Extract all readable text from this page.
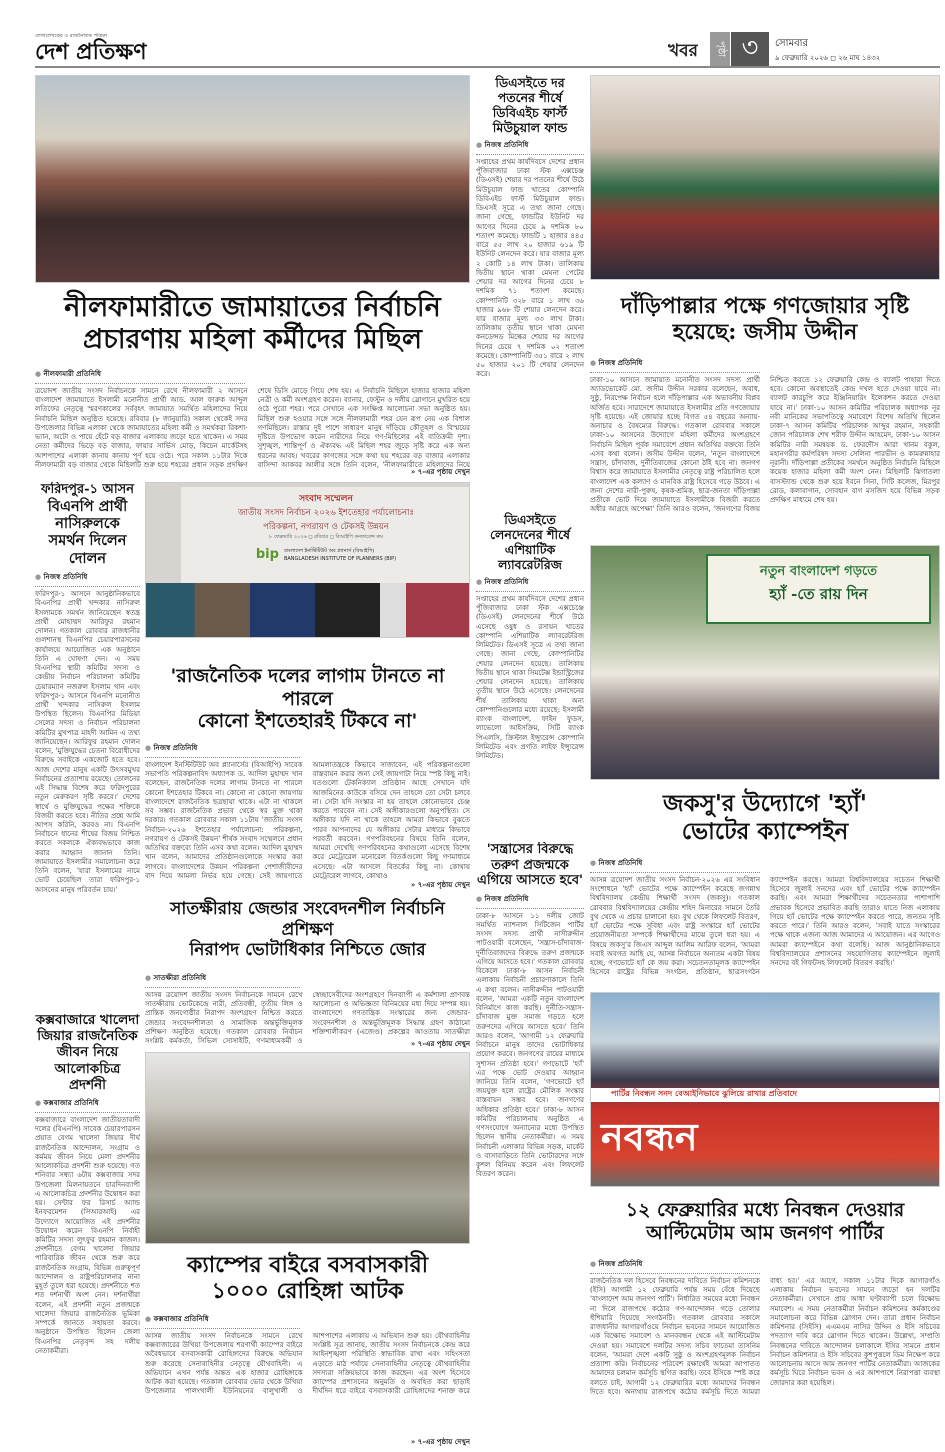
লেখালেখকের ও রাজনৈতিক পত্রিকা
দেশ প্রতিক্ষণ	খবর	পৃষ্ঠা ৩	সোমবার
৯ ফেব্রুয়ারি ২০২৬ ◻ ২৬ মাঘ ১৪৩২
নীলফামারীতে জামায়াতের নির্বাচনি
প্রচারণায় মহিলা কর্মীদের মিছিল
● নীলফামারী প্রতিনিধি
ত্রয়োদশ জাতীয় সংসদ নির্বাচনকে সামনে রেখে নীলফামারী ২ আসনে বাংলাদেশ জামায়াতে ইসলামী মনোনীত প্রার্থী আড. আল ফারুক আব্দুল লতিফের নেতৃত্বে স্মরণকালের সর্ববৃহৎ জামায়াত সমর্থিত মহিলাদের নিয়ে নির্বাচনি মিছিল অনুষ্ঠিত হয়েছে। রবিবার (৮ জানুয়ারি) সকাল থেকেই সদর উপজেলার বিভিন্ন এলাকা থেকে জামায়াতের মহিলা কর্মী ও সমর্থকরা রিকশা-ভ্যান, অটো ও পায়ে হেঁটে বড় বাজার এলাকায় জড়ো হতে থাকেন। এ সময় নেতা কর্মীদের ভিড়ে বড় বাজার, ফায়ার সার্ভিস মোড়, কিচেন মার্কেটসহ আশপাশের এলাকা কানায় কানায় পূর্ণ হয়ে ওঠে। পরে সকাল ১১টার দিকে নীলফামারী বড় বাজার থেকে মিছিলটি শুরু হয়ে শহরের প্রধান সড়ক প্রদক্ষিণ শেষে ডিসি মোড়ে গিয়ে শেষ হয়। এ নির্বাচনি মিছিলে হাজার হাজার মহিলা নেত্রী ও কর্মী অংশগ্রহণ করেন। ব্যানার, ফেস্টুন ও দলীয় স্লোগানে মুখরিত হয়ে ওঠে পুরো শহর। পরে সেখানে এক সংক্ষিপ্ত আলোচনা সভা অনুষ্ঠিত হয়। মিছিল শুরু হওয়ার সঙ্গে সঙ্গে নীলফামারী শহর যেন রূপ নেয় এক বিশাল গণমিছিলে। রাস্তার দুই পাশে সাধারণ মানুষ দাঁড়িয়ে কৌতূহল ও বিস্ময়ের দৃষ্টিতে উপভোগ করেন নারীদের নিয়ে গণ-মিছিলের এই ব্যতিক্রমী দৃশ্য। সুশৃঙ্খল, শান্তিপূর্ণ ও ঐক্যবদ্ধ এই মিছিল শহর জুড়ে সৃষ্টি করে এক অন্য ধরনের আবহ। খবরের কাগজের সঙ্গে কথা হয় শহরের বড় বাজার এলাকার বাসিন্দা আকবর আলীর সঙ্গে তিনি বলেন, 'নীলফামারীতে মহিলাদের নিয়ে
» ৭-এর পৃষ্ঠায় দেখুন
ডিএসইতে দর পতনের শীর্ষে ডিবিএইচ ফার্স্ট মিউচুয়াল ফান্ড
● নিজস্ব প্রতিনিধি
সপ্তাহের প্রথম কার্যদিবসে দেশের প্রধান পুঁজিবাজার ঢাকা স্টক এক্সচেঞ্জ (ডিএসই) শেয়ার দর পতনের শীর্ষে উঠে মিউচুয়াল ফান্ড খাতের কোম্পানি ডিবিএইচ ফার্স্ট মিউচুয়াল ফান্ড। ডিএসই সূত্রে এ তথ্য জানা গেছে। জানা গেছে, ফান্ডটির ইউনিট দর আগের দিনের চেয়ে ৯ দশমিক ৮০ শতাংশ কমেছে। ফান্ডটি ১ হাজার ৪৪৫ বারে ৫৫ লাখ ২০ হাজার ৬১৯ টি ইউনিট লেনদেন করে। যার বাজার মূল্য ২ কোটি ১৪ লাখ টাকা। তালিকায় দ্বিতীয় স্থানে থাকা মেঘনা পেটের শেয়ার দর আগের দিনের চেয়ে ৮ দশমিক ৭১ শতাংশ কমেছে। কোম্পানিটি ৩২৮ বারে ১ লাখ ৩৬ হাজার ৯৬৮ টি শেয়ার লেনদেন করে। যার বাজার মূল্য ৩৩ লাখ টাকা। তালিকায় তৃতীয় স্থানে থাকা মেঘনা কনডেন্সড মিল্কের শেয়ার দর আগের দিনের চেয়ে ৭ দশমিক ০২ শতাংশ কমেছে। কোম্পানিটি ৩৫১ বারে ২ লাখ ৫০ হাজার ২০১ টি শেয়ার লেনদেন করে।
ডিএসইতে লেনদেনের শীর্ষে এশিয়াটিক ল্যাবরেটরিজ
● নিজস্ব প্রতিনিধি
সপ্তাহের প্রথম কার্যদিবসে দেশের প্রধান পুঁজিবাজার ঢাকা স্টক এক্সচেঞ্জে (ডিএসই) লেনদেনের শীর্ষে উঠে এসেছে ওষুধ ও রসায়ন খাতের কোম্পানি এশিয়াটিক ল্যাবরেটরিজ লিমিটেড। ডিএসই সূত্রে এ তথ্য জানা গেছে। জানা গেছে, কোম্পানিটির শেয়ার লেনদেন হয়েছে। তালিকায় দ্বিতীয় স্থানে থাকা সিমটেক্স ইন্ডাস্ট্রিজের শেয়ার লেনদেন হয়েছে। তালিকায় তৃতীয় স্থানে উঠে এসেছে। লেনদেনের শীর্ষ তালিকায় থাকা অন্য কোম্পানিগুলোর মধ্যে রয়েছে: ইসলামী ব্যাংক বাংলাদেশ, ফাইন ফুডস, লাভেলো আইসক্রিম, সিটি ব্যাংক পিএলসি, ক্রিস্টাল ইন্স্যুরেন্স কোম্পানি লিমিটেড এবং প্রগতি লাইফ ইন্স্যুরেন্স লিমিটেড।
'সন্ত্রাসের বিরুদ্ধে তরুণ প্রজন্মকে এগিয়ে আসতে হবে'
● নিজস্ব প্রতিনিধি
ঢাকা-৮ আসনে ১১ দলীয় জোট সমর্থিত ন্যাশনাল সিটিজেন পার্টির সংসদ সদস্য প্রার্থী নাসীরুদ্দীন পাটওয়ারী বলেছেন, 'সন্ত্রাস-চাঁদাবাজ-দুর্নীতিবাজদের বিরুদ্ধে তরুণ প্রজন্মকে এগিয়ে আসতে হবে।' গতকাল রোববার বিকেলে ঢাকা-৮ আসন নির্বাচনী এলাকায় নির্বাচনী প্রচারণাকালে তিনি এ কথা বলেন। নাসীরুদ্দীন পাটওয়ারী বলেন, 'আমরা একটি নতুন বাংলাদেশ বিনির্মাণে কাজ করছি। দুর্নীতি-সন্ত্রাস-চাঁদাবাজ মুক্ত সমাজ গড়তে হলে তরুণদের এগিয়ে আসতে হবে।' তিনি আরও বলেন, 'আগামী ১২ ফেব্রুয়ারি নির্বাচনে মানুষ তাদের ভোটাধিকার প্রয়োগ করবে। জনগণের রায়ের মাধ্যমে সুশাসন প্রতিষ্ঠা হবে।' গণভোটে 'হ্যাঁ' এর পক্ষে ভোট দেওয়ার আহ্বান জানিয়ে তিনি বলেন, 'গণভোটে হ্যাঁ জয়যুক্ত হলে রাষ্ট্রের মৌলিক সংস্কার বাস্তবায়ন সম্ভব হবে। জনগণের অধিকার প্রতিষ্ঠা হবে।' ঢাকা-৮ আসন কমিটির পরিচালনায় অনুষ্ঠিত এ গণসংযোগে অন্যান্যের মধ্যে উপস্থিত ছিলেন স্থানীয় নেতাকর্মীরা। এ সময় নির্বাচনী এলাকার বিভিন্ন সড়ক, মার্কেট ও বাসাবাড়িতে তিনি ভোটারদের সঙ্গে কুশল বিনিময় করেন এবং লিফলেট বিতরণ করেন।
দাঁড়িপাল্লার পক্ষে গণজোয়ার সৃষ্টি
হয়েছে: জসীম উদ্দীন
● নিজস্ব প্রতিনিধি
ঢাকা-১০ আসনে জামায়াত মনোনীত সংসদ সদস্য প্রার্থী অ্যাডভোকেট মো. জসীম উদ্দীন সরকার বলেছেন, অবাধ, সুষ্ঠু, নিরপেক্ষ নির্বাচন হলে দাঁড়িপাল্লার এক অভাবনীয় বিপ্লব অর্জিত হবে। সারাদেশে জামায়াতে ইসলামীর প্রতি গণজোয়ার সৃষ্টি হয়েছে। এই জোয়ার হচ্ছে বিগত ৫৪ বছরের অন্যায়-অনাচার ও বৈষম্যের বিরুদ্ধে। গতকাল রোববার সকালে ঢাকা-১০ আসনের উদ্যোগে মহিলা কর্মীদের অংশগ্রহণে নির্বাচনি মিছিল পূর্বক সমাবেশে প্রধান অতিথির বক্তব্যে তিনি এসব কথা বলেন। জসীম উদ্দীন বলেন, 'নতুন বাংলাদেশে সন্ত্রাস, চাঁদাবাজ, দুর্নীতিবাজের কোনো ঠাঁই হবে না। জনগণ বিশ্বাস করে জামায়াতে ইসলামীর নেতৃত্বে রাষ্ট্র পরিচালিত হলে বাংলাদেশ এক কল্যাণ ও মানবিক রাষ্ট্র হিসেবে গড়ে উঠবে। এ জন্য দেশের নারী-পুরুষ, কৃষক-শ্রমিক, ছাত্র-জনতা দাঁড়িপাল্লা প্রতীকে ভোট দিয়ে জামায়াতে ইসলামীকে বিজয়ী করতে অধীর আগ্রহে অপেক্ষা' তিনি আরও বলেন, 'জনগণের বিজয় নিশ্চিত করতে ১২ ফেব্রুয়ারি কেন্দ্র ও ব্যালট পাহারা দিতে হবে। কোনো অবস্থাতেই কেন্দ্র দখল হতে দেওয়া যাবে না। ব্যালট কারচুপি করে ইঞ্জিনিয়ারিং ইলেকশন করতে দেওয়া যাবে না।' ঢাকা-১০ আসন কমিটির পরিচালক অধ্যাপক নূর নবী মানিকের সভাপতিত্বে সমাবেশে বিশেষ অতিথি ছিলেন ঢাকা-৭ আসন কমিটির পরিচালক আব্দুর রহমান, সহকারী জোন পরিচালক শেখ শরীফ উদ্দীন আহমেদ, ঢাকা-১০ আসন কমিটির নারী সমন্বয়ক ড. ফেরদৌস আরা খানম বকুল, মহানগরীর কর্মপরিষদ সদস্য সেলিনা পারভীন ও কামরুন্নাহার নূরানী। দাঁড়িপাল্লা প্রতীকের সমর্থনে অনুষ্ঠিত নির্বাচনি মিছিলে কয়েক হাজার মহিলা কর্মী অংশ নেন। মিছিলটি ঝিগাতলা বাসস্ট্যান্ড থেকে শুরু হয়ে ইবনে সিনা, সিটি কলেজ, মিরপুর রোড, কলাবাগান, সোবহান বাগ মসজিদ হয়ে বিভিন্ন সড়ক প্রদক্ষিণ মাধ্যমে শেষ হয়।
ফরিদপুর-১ আসন
বিএনপি প্রার্থী নাসিরুলকে সমর্থন দিলেন দোলন
● নিজস্ব প্রতিনিধি
ফরিদপুর-১ আসনে আনুষ্ঠানিকভাবে বিএনপির প্রার্থী খন্দকার নাসিরুল ইসলামকে সমর্থন জানিয়েছেন স্বতন্ত্র প্রার্থী মোহাম্মদ আরিফুর রহমান দোলন। গতকাল রোববার রাজধানীর গুলশানস্থ বিএনপির চেয়ারপারসনের কার্যালয়ে আয়োজিত এক অনুষ্ঠানে তিনি এ ঘোষণা দেন। এ সময় বিএনপির স্থায়ী কমিটির সদস্য ও কেন্দ্রীয় নির্বাচন পরিচালনা কমিটির চেয়ারম্যান নজরুল ইসলাম খান এবং ফরিদপুর-১ আসনে বিএনপি মনোনীত প্রার্থী খন্দকার নাসিরুল ইসলাম উপস্থিত ছিলেন। বিএনপির মিডিয়া সেলের সদস্য ও নির্বাচন পরিচালনা কমিটির মুখপাত্র মাহদী আমিন এ তথ্য জানিয়েছেন। আরিফুর রহমান দোলন বলেন, 'মুক্তিযুদ্ধের চেতনা বিরোধীদের বিরুদ্ধে সবাইকে একজোট হতে হবে। আজ দেশের মানুষ একটি উৎসবমুখর নির্বাচনের প্রত্যাশায় রয়েছে। তোলনের এই সিদ্ধান্ত বিশেষ করে ফরিদপুরের নতুন মেরুকরণ সৃষ্টি করবে।' দেশের স্বার্থে ও মুক্তিযুদ্ধের পক্ষের শক্তিকে বিজয়ী করতে হবে। নীতির প্রশ্নে আমি আপস করিনি, করবও না। বিএনপি নির্বাচনে ধানের শীষের বিজয় নিশ্চিত করতে সকলকে ঐক্যবদ্ধভাবে কাজ করার আহ্বান জানান তিনি। জামায়াতে ইসলামীর সমালোচনা করে তিনি বলেন, 'যারা ইসলামের নামে ভোট চেয়েছিল তারা ফরিদপুর-১ আসনের মানুষ পরিবর্তন চায়।'
সংবাদ সম্মেলন
জাতীয় সংসদ নির্বাচন ২০২৬ ইশতেহার পর্যালোচনাঃ
পরিকল্পনা, নগরায়ণ ও টেকসই উন্নয়ন
৮ ফেব্রুয়ারি ২০২৬ ◻ রবিবার ◻ বিআইপি কনফারেন্স রুম
bip বাংলাদেশ ইনস্টিটিউট অব প্ল্যানার্স (বিআইপি)
BANGLADESH INSTITUTE OF PLANNERS (BIP)
'রাজনৈতিক দলের লাগাম টানতে না পারলে
কোনো ইশতেহারই টিকবে না'
● নিজস্ব প্রতিনিধি
বাংলাদেশ ইনস্টিটিউট অব প্ল্যানার্সের (বিআইপি) সাবেক সভাপতি পরিকল্পনাবিদ অধ্যাপক ড. আদিল মুহাম্মদ খান বলেছেন, রাজনৈতিক দলের লাগাম টানতে না পারলে কোনো ইশতেহার টিকবে না। কোনো না কোনো জায়গায় বাংলাদেশে রাজনৈতিক ছত্রছায়া থাকে। এটা না থাকলে সব সম্ভব। রাজনৈতিক প্রভাব থেকে স্বর মুক্ত থাকা দরকার। গতকাল রোববার সকাল ১১টায় 'জাতীয় সংসদ নির্বাচন-২০২৬ ইশতেহার পর্যালোচনা: পরিকল্পনা, নগরায়ণ ও টেকসই উন্নয়ন' শীর্ষক সংবাদ সম্মেলনে প্রধান অতিথির বক্তব্যে তিনি এসব কথা বলেন। আদিল মুহাম্মদ খান বলেন, আমাদের প্রতিষ্ঠানগুলোকে সংস্কার করা লাগবে। বাংলাদেশের উন্নয়ন পরিকল্পনা পেশাজীবীদের বাদ দিয়ে আমলা নির্ভর হয়ে গেছে। সেই জায়গাতে আমলাতন্ত্রকে কিভাবে সাজাবেন, এই পরিকল্পনাগুলো বাস্তবায়ন করার জন্য সেই জায়গাটা নিয়ে স্পষ্ট কিছু নাই। যতগুলো টেকনিক্যাল প্রতিষ্ঠান আছে সেখানে যদি আজমিনের কাউকে বসিয়ে দেন তাহলে তো সেটা চলবে না। সেটা যদি সংস্কার না হয় তাহলে কোনোভাবে চেঞ্জ করতে পারবেন না। সেই অঙ্গীকারগুলো অনুপস্থিত। সে অঙ্গীকার যদি না থাকে তাহলে আমরা কিভাবে বুঝতে পারব আপনাদের যে অঙ্গীকার সেটার মাধ্যমে কিভাবে পরবর্তী করবেন। গণপরিবহনের বিষয়ে তিনি বলেন, আমরা দেখেছি গণপরিবহনের কথাগুলো এসেছে বিশেষ করে মেট্রোরেল মনোরেল বিতর্কগুলো কিছু গণমাধ্যমে এসেছে। এটা আসলে বিতর্কের কিছু না। কোথায় মেট্রোরেল লাগবে, কোথাও
» ৭-এর পৃষ্ঠায় দেখুন
সাতক্ষীরায় জেন্ডার সংবেদনশীল নির্বাচনি প্রশিক্ষণ
নিরাপদ ভোটাধিকার নিশ্চিতে জোর
● সাতক্ষীরা প্রতিনিধি
আসন্ন ত্রয়োদশ জাতীয় সংসদ নির্বাচনকে সামনে রেখে সাতক্ষীরায় ভোটকেন্দ্রে নারী, প্রতিবন্ধী, তৃতীয় লিঙ্গ ও প্রান্তিক জনগোষ্ঠীর নিরাপদ অংশগ্রহণ নিশ্চিত করতে জেন্ডার সংবেদনশীলতা ও সামাজিক অন্তর্ভুক্তিমূলক প্রশিক্ষণ অনুষ্ঠিত হয়েছে। গতকাল রোববার নির্বাচন সংশ্লিষ্ট কর্মকর্তা, সিভিল সোসাইটি, গণমাধ্যমকর্মী ও স্বেচ্ছাসেবীদের অংশগ্রহণে দিনব্যাপী এ কর্মশালা প্রাণবন্ত আলোচনা ও অভিজ্ঞতা বিনিময়ের মধ্য দিয়ে সম্পন্ন হয়। বাংলাদেশে গণতান্ত্রিক সংস্কারের জন্য জেন্ডার-সংবেদনশীল ও অন্তর্ভুক্তিমূলক সিদ্ধান্ত গ্রহণ কাঠামো শক্তিশালীকরণ (এজেণ্ড) প্রকল্পের আওতায় সাতক্ষীরা
» ৭-এর পৃষ্ঠায় দেখুন
কক্সবাজারে খালেদা জিয়ার রাজনৈতিক জীবন নিয়ে আলোকচিত্র প্রদর্শনী
● কক্সবাজার প্রতিনিধি
কক্সবাজারে বাংলাদেশ জাতীয়তাবাদী দলের (বিএনপি) সাবেক চেয়ারপারসন প্রয়াত বেগম খালেদা জিয়ার দীর্ঘ রাজনৈতিক আন্দোলন, সংগ্রাম ও কর্মময় জীবন নিয়ে মেলা প্রদর্শনীর আলোকচিত্র প্রদর্শনী শুরু হয়েছে। গত শনিবার সন্ধ্যা ৬টায় কক্সবাজার সদর উপজেলা মিলনায়তনে চারদিনব্যাপী এ আলোকচিত্র প্রদর্শনীর উদ্বোধন করা হয়। সেন্টার ফর রিসার্চ অ্যান্ড ইনফরমেশন (সিআরআই) এর উদ্যোগে আয়োজিত এই প্রদর্শনীর উদ্বোধন করেন বিএনপি নির্বাহী কমিটির সদস্য লুৎফুর রহমান কাজল। প্রদর্শনীতে বেগম খালেদা জিয়ার পারিবারিক জীবন থেকে শুরু করে রাজনৈতিক সংগ্রাম, বিভিন্ন গুরুত্বপূর্ণ আন্দোলন ও রাষ্ট্রপরিচালনার নানা মুহূর্ত তুলে ধরা হয়েছে। প্রদর্শনীতে শত শত দর্শনার্থী অংশ নেন। দর্শনার্থীরা বলেন, এই প্রদর্শনী নতুন প্রজন্মকে খালেদা জিয়ার রাজনৈতিক ভূমিকা সম্পর্কে জানতে সহায়তা করবে। অনুষ্ঠানে উপস্থিত ছিলেন জেলা বিএনপির নেতৃবৃন্দ সহ দলীয় নেতাকর্মীরা।
ক্যাম্পের বাইরে বসবাসকারী
১০০০ রোহিঙ্গা আটক
● কক্সবাজার প্রতিনিধি
আসন্ন জাতীয় সংসদ নির্বাচনকে সামনে রেখে কক্সবাজারের উখিয়া উপজেলায় শরণার্থী ক্যাম্পের বাইরে অবৈধভাবে বসবাসকারী রোহিঙ্গাদের বিরুদ্ধে অভিযান শুরু করেছে সেনাবাহিনীর নেতৃত্বে যৌথবাহিনী। এ অভিযানে এখন পর্যন্ত অন্তত এক হাজার রোহিঙ্গাকে আটক করা হয়েছে। গতকাল রোববার ভোর থেকে উখিয়া উপজেলার পালংখালী ইউনিয়নের বালুখালী ও আশপাশের এলাকায় এ অভিযান শুরু হয়। যৌথবাহিনীর সংশ্লিষ্ট সূত্র জানায়, জাতীয় সংসদ নির্বাচনকে কেন্দ্র করে আইনশৃঙ্খলা পরিস্থিতি স্বাভাবিক রাখা এবং সহিংসতা এড়াতে মাঠ পর্যায়ে সেনাবাহিনীর নেতৃত্বে যৌথবাহিনীর সদস্যরা সক্রিয়ভাবে কাজ করছেন। এর অংশ হিসেবে ক্যাম্পের প্রশাসনের অনুমতি ও অবহিত করা ছাড়াই দীর্ঘদিন ধরে বাইরে বসবাসকারী রোহিঙ্গাদের শনাক্ত করে
» ৭-এর পৃষ্ঠায় দেখুন
নতুন বাংলাদেশ গড়তে
হ্যাঁ -তে রায় দিন
জকসু'র উদ্যোগে 'হ্যাঁ'
ভোটের ক্যাম্পেইন
● নিজস্ব প্রতিনিধি
আসন্ন ত্রয়োদশ জাতীয় সংসদ নির্বাচন-২০২৬ এর সংবিধান সংশোধনে 'হ্যাঁ' ভোটের পক্ষে ক্যাম্পেইন করেছে জগন্নাথ বিশ্ববিদ্যালয় কেন্দ্রীয় শিক্ষার্থী সংসদ (জকসু)। গতকাল রোববার বিশ্ববিদ্যালয়ের কেন্দ্রীয় শহিদ মিনারের সামনে তৈরি বুথ থেকে এ প্রচার চালানো হয়। বুথ থেকে লিফলেট বিতরণ, হ্যাঁ ভোটের পক্ষে সুবিধা এবং রাষ্ট্র সংস্কারে হ্যাঁ ভোটের প্রয়োজনীয়তা সম্পর্কে শিক্ষার্থীদের মাঝে তুলে ধরা হয়। এ বিষয়ে জকসু'র জিএস আব্দুল আলিম আরিফ বলেন, 'আমরা সবাই অবগত আছি যে, আসন্ন নির্বাচনে অন্যতম একটা বিষয় হচ্ছে, গণভোটে হ্যাঁ কে জয় করা। সচেতনতামূলক ক্যাম্পেইন হিসেবে রাষ্ট্রের বিভিন্ন সংগঠন, প্রতিষ্ঠান, ছাত্রসংগঠন ক্যাম্পেইন করছে। আমরা বিশ্ববিদ্যালয়ের সচেতন শিক্ষার্থী হিসেবে জুলাই সনদের এবং হ্যাঁ ভোটের পক্ষে ক্যাম্পেইন করছি। এবং আমরা শিক্ষার্থীদের সচেতনতার পাশাপাশি প্রভাবক হিসেবে প্রভাবিত করছি তারাও যাতে নিজ এলাকায় গিয়ে হ্যাঁ ভোটের পক্ষে ক্যাম্পেইন করতে পারে, জনতম সৃষ্টি করতে পারে।' তিনি আরও বলেন, 'সবাই যাতে সংস্কারের পক্ষে থাকে এজন্য আজ আমাদের এ আয়োজন। এর আগেও আমরা ক্যাম্পেইনে কথা বলেছি। আজ আনুষ্ঠানিকভাবে বিশ্ববিদ্যালয়ের প্রশাসনের সহযোগিতায় ক্যাম্পেইনে জুলাই সনদের বই গিফটসহ লিফলেট বিতরণ করছি।'
পার্টির নিবন্ধন সনদ বেআইনিভাবে ঝুলিয়ে রাখার প্রতিবাদে
নবন্ধন
১২ ফেব্রুয়ারির মধ্যে নিবন্ধন দেওয়ার
আল্টিমেটাম আম জনগণ পার্টির
● নিজস্ব প্রতিনিধি
রাজনৈতিক দল হিসেবে নিবন্ধনের দাবিতে নির্বাচন কমিশনকে (ইসি) আগামী ১২ ফেব্রুয়ারি পর্যন্ত সময় বেঁধে দিয়েছে 'বাংলাদেশ আম জনগণ পার্টি'। নির্ধারিত সময়ের মধ্যে নিবন্ধন না দিলে রাজপথে কঠোর গণ-আন্দোলন গড়ে তোলার হুঁশিয়ারি দিয়েছে সংগঠনটি। গতকাল রোববার সকালে রাজধানীর আগারগাঁওয়ে নির্বাচন ভবনের সামনে আয়োজিত এক বিক্ষোভ সমাবেশ ও মানববন্ধন থেকে এই আল্টিমেটাম দেওয়া হয়। সমাবেশে দলটির সদস্য সচিব ফাতেমা তাসনিম বলেন, 'আমরা দেশে একটি সুষ্ঠু ও অংশগ্রহণমূলক নির্বাচন প্রত্যাশা করি। নির্বাচনের পরিবেশ রক্ষার্থেই আমরা আপাতত আমাদের চলমান কর্মসূচি স্থগিত করছি। তবে ইসিকে স্পষ্ট করে বলতে চাই, আগামী ১২ ফেব্রুয়ারির মধ্যে আমাদের নিবন্ধন দিতে হবে। অন্যথায় রাজপথে কঠোর কর্মসূচি দিতে আমরা বাধ্য হব।' এর আগে, সকাল ১১টার দিকে আগারগাঁও এলাকায় নির্বাচন ভবনের সামনে জড়ো হন দলটির নেতাকর্মীরা। সেখানে প্রায় আধা ঘণ্টাব্যাপী চলে বিক্ষোভ সমাবেশ। এ সময় নেতাকর্মীরা নির্বাচন কমিশনের কর্মকাণ্ডের সমালোচনা করে বিভিন্ন স্লোগান দেন। তারা প্রধান নির্বাচন কমিশনার (সিইসি) এএমএম নাসির উদ্দিন ও ইসি সচিবের পদত্যাগ দাবি করে স্লোগান দিতে থাকেন। উল্লেখ্য, সম্প্রতি নিবন্ধনের দাবিতে আন্দোলন চলাকালে ইসির সামনে প্রধান নির্বাচন কমিশনার ও ইসি সচিবের কুশপুত্তলে ডিম নিক্ষেপ করে আলোচনায় আসে আম জনগণ পার্টির নেতাকর্মীরা। আজকের কর্মসূচি ঘিরে নির্বাচন ভবন ও এর আশপাশে নিরাপত্তা ব্যবস্থা জোরদার করা হয়েছিল।
